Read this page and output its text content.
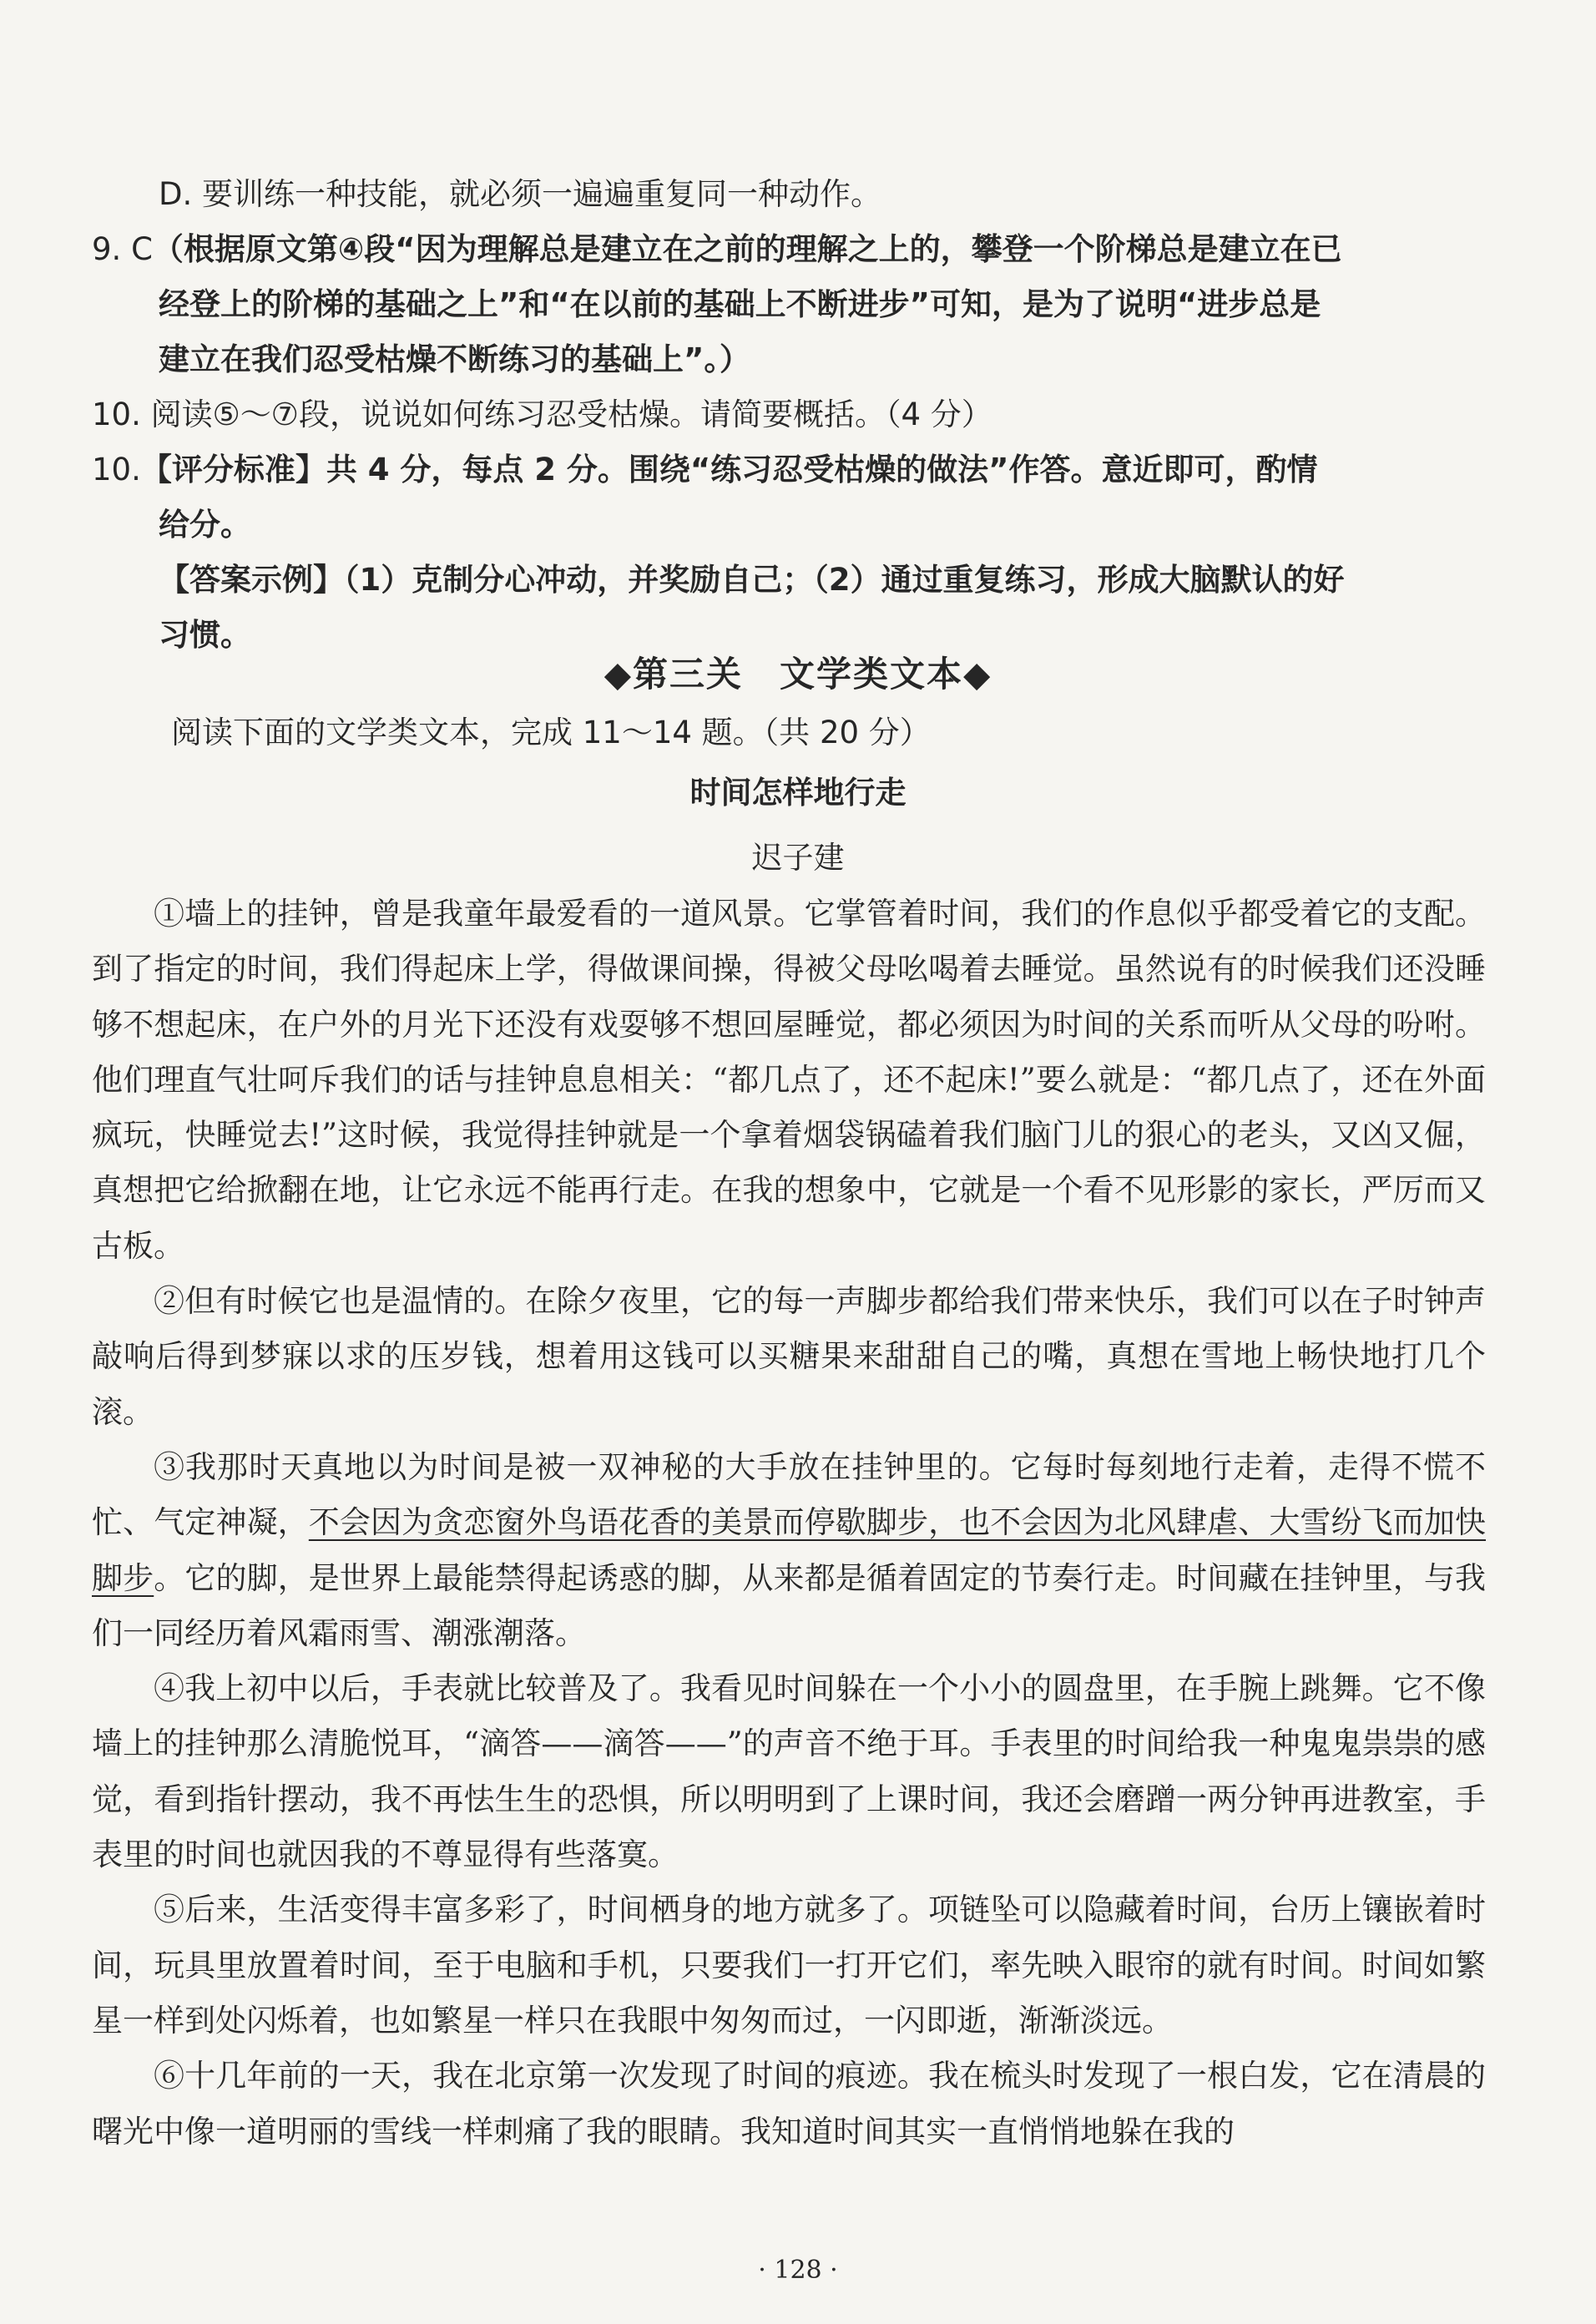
D. 要训练一种技能，就必须一遍遍重复同一种动作。

9. C（根据原文第④段“因为理解总是建立在之前的理解之上的，攀登一个阶梯总是建立在已
经登上的阶梯的基础之上”和“在以前的基础上不断进步”可知，是为了说明“进步总是
建立在我们忍受枯燥不断练习的基础上”。）

10. 阅读⑤～⑦段，说说如何练习忍受枯燥。请简要概括。（4 分）

10.【评分标准】共 4 分，每点 2 分。围绕“练习忍受枯燥的做法”作答。意近即可，酌情
给分。
【答案示例】（1）克制分心冲动，并奖励自己；（2）通过重复练习，形成大脑默认的好
习惯。

◆第三关　文学类文本◆
阅读下面的文学类文本，完成 11～14 题。（共 20 分）
时间怎样地行走
迟子建

①墙上的挂钟，曾是我童年最爱看的一道风景。它掌管着时间，我们的作息似乎都受着它的支配。到了指定的时间，我们得起床上学，得做课间操，得被父母吆喝着去睡觉。虽然说有的时候我们还没睡够不想起床，在户外的月光下还没有戏耍够不想回屋睡觉，都必须因为时间的关系而听从父母的吩咐。他们理直气壮呵斥我们的话与挂钟息息相关：“都几点了，还不起床!”要么就是：“都几点了，还在外面疯玩，快睡觉去!”这时候，我觉得挂钟就是一个拿着烟袋锅磕着我们脑门儿的狠心的老头，又凶又倔，真想把它给掀翻在地，让它永远不能再行走。在我的想象中，它就是一个看不见形影的家长，严厉而又古板。

②但有时候它也是温情的。在除夕夜里，它的每一声脚步都给我们带来快乐，我们可以在子时钟声敲响后得到梦寐以求的压岁钱，想着用这钱可以买糖果来甜甜自己的嘴，真想在雪地上畅快地打几个滚。

③我那时天真地以为时间是被一双神秘的大手放在挂钟里的。它每时每刻地行走着，走得不慌不忙、气定神凝，不会因为贪恋窗外鸟语花香的美景而停歇脚步，也不会因为北风肆虐、大雪纷飞而加快脚步。它的脚，是世界上最能禁得起诱惑的脚，从来都是循着固定的节奏行走。时间藏在挂钟里，与我们一同经历着风霜雨雪、潮涨潮落。

④我上初中以后，手表就比较普及了。我看见时间躲在一个小小的圆盘里，在手腕上跳舞。它不像墙上的挂钟那么清脆悦耳，“滴答——滴答——”的声音不绝于耳。手表里的时间给我一种鬼鬼祟祟的感觉，看到指针摆动，我不再怯生生的恐惧，所以明明到了上课时间，我还会磨蹭一两分钟再进教室，手表里的时间也就因我的不尊显得有些落寞。

⑤后来，生活变得丰富多彩了，时间栖身的地方就多了。项链坠可以隐藏着时间，台历上镶嵌着时间，玩具里放置着时间，至于电脑和手机，只要我们一打开它们，率先映入眼帘的就有时间。时间如繁星一样到处闪烁着，也如繁星一样只在我眼中匆匆而过，一闪即逝，渐渐淡远。

⑥十几年前的一天，我在北京第一次发现了时间的痕迹。我在梳头时发现了一根白发，它在清晨的曙光中像一道明丽的雪线一样刺痛了我的眼睛。我知道时间其实一直悄悄地躲在我的

· 128 ·
